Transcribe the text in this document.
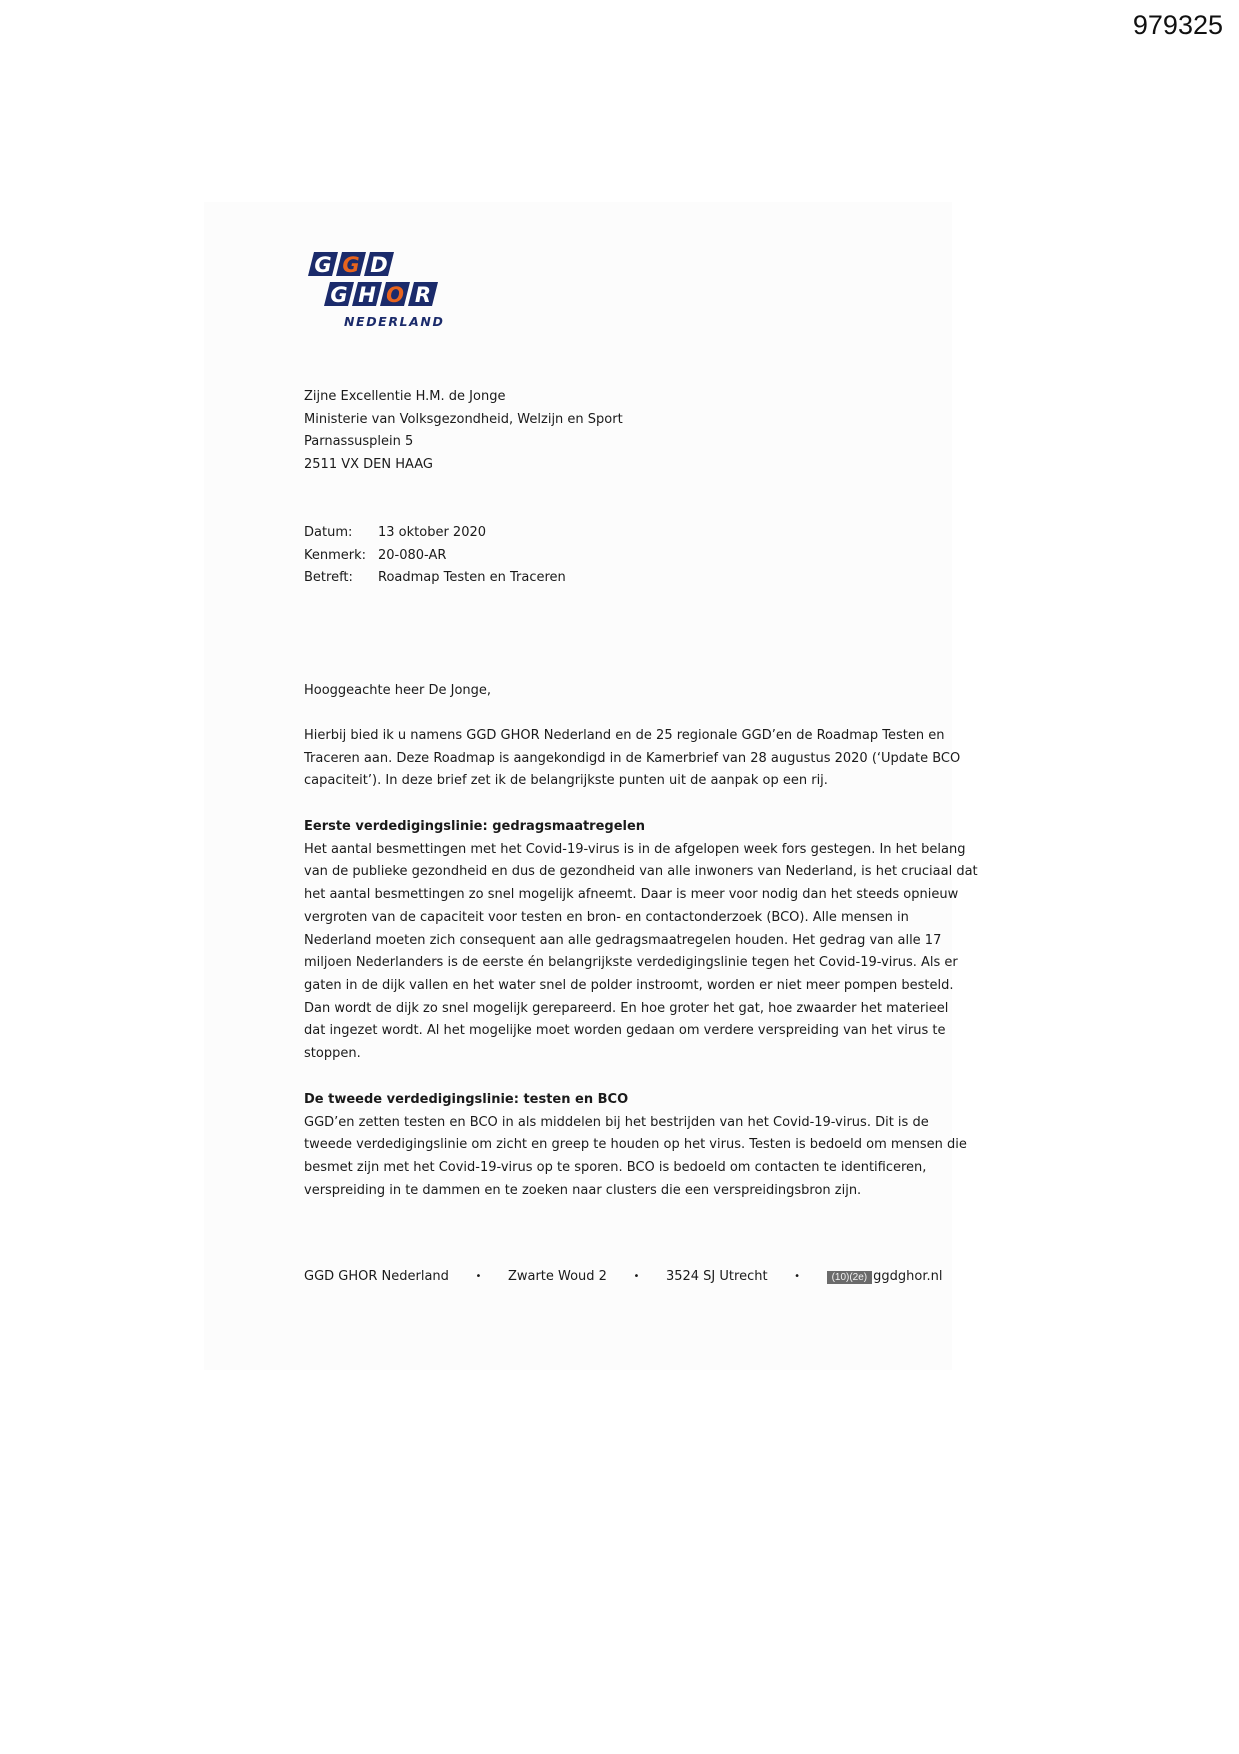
979325
G G D
G H O R
NEDERLAND
Zijne Excellentie H.M. de Jonge
Ministerie van Volksgezondheid, Welzijn en Sport
Parnassusplein 5
2511 VX DEN HAAG
Datum:	13 oktober 2020
Kenmerk: 20-080-AR
Betreft:	Roadmap Testen en Traceren
Hooggeachte heer De Jonge,
Hierbij bied ik u namens GGD GHOR Nederland en de 25 regionale GGD’en de Roadmap Testen en
Traceren aan. Deze Roadmap is aangekondigd in de Kamerbrief van 28 augustus 2020 (‘Update BCO
capaciteit’). In deze brief zet ik de belangrijkste punten uit de aanpak op een rij.
Eerste verdedigingslinie: gedragsmaatregelen
Het aantal besmettingen met het Covid-19-virus is in de afgelopen week fors gestegen. In het belang
van de publieke gezondheid en dus de gezondheid van alle inwoners van Nederland, is het cruciaal dat
het aantal besmettingen zo snel mogelijk afneemt. Daar is meer voor nodig dan het steeds opnieuw
vergroten van de capaciteit voor testen en bron- en contactonderzoek (BCO). Alle mensen in
Nederland moeten zich consequent aan alle gedragsmaatregelen houden. Het gedrag van alle 17
miljoen Nederlanders is de eerste én belangrijkste verdedigingslinie tegen het Covid-19-virus. Als er
gaten in de dijk vallen en het water snel de polder instroomt, worden er niet meer pompen besteld.
Dan wordt de dijk zo snel mogelijk gerepareerd. En hoe groter het gat, hoe zwaarder het materieel
dat ingezet wordt. Al het mogelijke moet worden gedaan om verdere verspreiding van het virus te
stoppen.
De tweede verdedigingslinie: testen en BCO
GGD’en zetten testen en BCO in als middelen bij het bestrijden van het Covid-19-virus. Dit is de
tweede verdedigingslinie om zicht en greep te houden op het virus. Testen is bedoeld om mensen die
besmet zijn met het Covid-19-virus op te sporen. BCO is bedoeld om contacten te identificeren,
verspreiding in te dammen en te zoeken naar clusters die een verspreidingsbron zijn.
GGD GHOR Nederland	•	Zwarte Woud 2	•	3524 SJ Utrecht	•	(10)(2e) ggdghor.nl
